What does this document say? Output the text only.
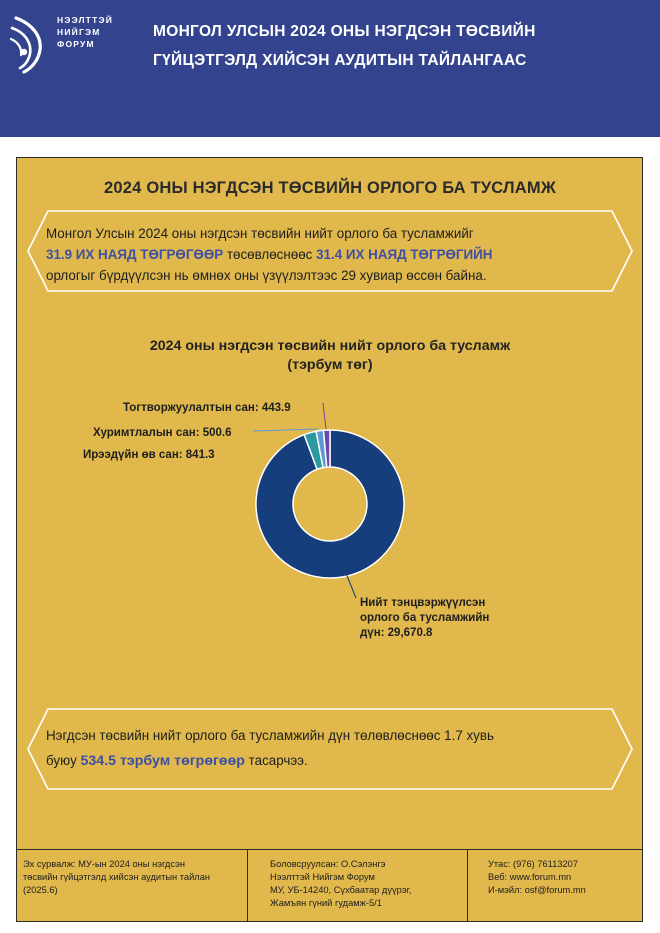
НЭЭЛТТЭЙ
НИЙГЭМ
ФОРУМ
МОНГОЛ УЛСЫН 2024 ОНЫ НЭГДСЭН ТӨСВИЙН
ГҮЙЦЭТГЭЛД ХИЙСЭН АУДИТЫН ТАЙЛАНГААС
2024 ОНЫ НЭГДСЭН ТӨСВИЙН ОРЛОГО БА ТУСЛАМЖ
Монгол Улсын 2024 оны нэгдсэн төсвийн нийт орлого ба тусламжийг
31.9 ИХ НАЯД ТӨГРӨГӨӨР төсөвлөснөөс 31.4 ИХ НАЯД ТӨГРӨГИЙН
орлогыг бүрдүүлсэн нь өмнөх оны үзүүлэлтээс 29 хувиар өссөн байна.
2024 оны нэгдсэн төсвийн нийт орлого ба тусламж
(тэрбум төг)
Нийт тэнцвэржүүлсэн
орлого ба тусламжийн
дүн: 29,670.8
Ирээдүйн өв сан: 841.3
Хуримтлалын сан: 500.6
Тогтворжуулалтын сан: 443.9
Нэгдсэн төсвийн нийт орлого ба тусламжийн дүн төлөвлөснөөс 1.7 хувь
буюу 534.5 тэрбум төгрөгөөр тасарчээ.
Эх сурвалж: МУ-ын 2024 оны нэгдсэн
төсвийн гүйцэтгэлд хийсэн аудитын тайлан
(2025.6)
Боловсруулсан: О.Сэлэнгэ
Нээлттэй Нийгэм Форум
МУ, УБ-14240, Сүхбаатар дүүрэг,
Жамъян гүний гудамж-5/1
Утас: (976) 76113207
Веб: www.forum.mn
И-мэйл: osf@forum.mn
